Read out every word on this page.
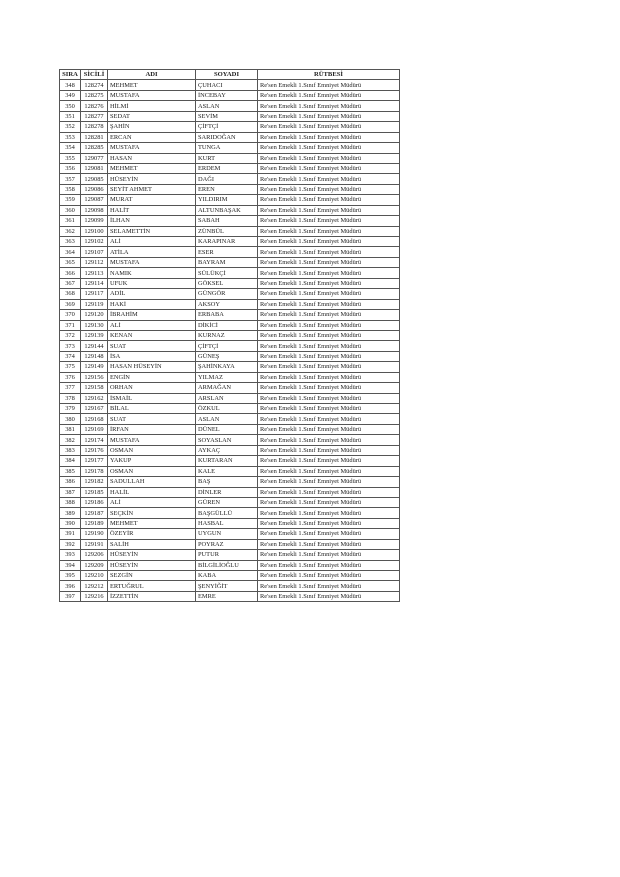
SIRA	SİCİLİ	ADI	SOYADI	RÜTBESİ
348	128274	MEHMET	ÇUHACI	Re'sen Emekli 1.Sınıf Emniyet Müdürü
349	128275	MUSTAFA	İNCEBAY	Re'sen Emekli 1.Sınıf Emniyet Müdürü
350	128276	HİLMİ	ASLAN	Re'sen Emekli 1.Sınıf Emniyet Müdürü
351	128277	SEDAT	SEVİM	Re'sen Emekli 1.Sınıf Emniyet Müdürü
352	128278	ŞAHİN	ÇİFTÇİ	Re'sen Emekli 1.Sınıf Emniyet Müdürü
353	128281	ERCAN	SARIDOĞAN	Re'sen Emekli 1.Sınıf Emniyet Müdürü
354	128285	MUSTAFA	TUNGA	Re'sen Emekli 1.Sınıf Emniyet Müdürü
355	129077	HASAN	KURT	Re'sen Emekli 1.Sınıf Emniyet Müdürü
356	129081	MEHMET	ERDEM	Re'sen Emekli 1.Sınıf Emniyet Müdürü
357	129085	HÜSEYİN	DAĞI	Re'sen Emekli 1.Sınıf Emniyet Müdürü
358	129086	SEYİT AHMET	EREN	Re'sen Emekli 1.Sınıf Emniyet Müdürü
359	129087	MURAT	YILDIRIM	Re'sen Emekli 1.Sınıf Emniyet Müdürü
360	129098	HALİT	ALTUNBAŞAK	Re'sen Emekli 1.Sınıf Emniyet Müdürü
361	129099	İLHAN	SABAH	Re'sen Emekli 1.Sınıf Emniyet Müdürü
362	129100	SELAMETTİN	ZÜNBÜL	Re'sen Emekli 1.Sınıf Emniyet Müdürü
363	129102	ALİ	KARAPINAR	Re'sen Emekli 1.Sınıf Emniyet Müdürü
364	129107	ATİLA	ESER	Re'sen Emekli 1.Sınıf Emniyet Müdürü
365	129112	MUSTAFA	BAYRAM	Re'sen Emekli 1.Sınıf Emniyet Müdürü
366	129113	NAMIK	SÜLÜKÇİ	Re'sen Emekli 1.Sınıf Emniyet Müdürü
367	129114	UFUK	GÖKSEL	Re'sen Emekli 1.Sınıf Emniyet Müdürü
368	129117	ADİL	GÜNGÖR	Re'sen Emekli 1.Sınıf Emniyet Müdürü
369	129119	HAKİ	AKSOY	Re'sen Emekli 1.Sınıf Emniyet Müdürü
370	129120	İBRAHİM	ERBABA	Re'sen Emekli 1.Sınıf Emniyet Müdürü
371	129130	ALİ	DİKİCİ	Re'sen Emekli 1.Sınıf Emniyet Müdürü
372	129139	KENAN	KURNAZ	Re'sen Emekli 1.Sınıf Emniyet Müdürü
373	129144	SUAT	ÇİFTÇİ	Re'sen Emekli 1.Sınıf Emniyet Müdürü
374	129148	İSA	GÜNEŞ	Re'sen Emekli 1.Sınıf Emniyet Müdürü
375	129149	HASAN HÜSEYİN	ŞAHİNKAYA	Re'sen Emekli 1.Sınıf Emniyet Müdürü
376	129156	ENGİN	YILMAZ	Re'sen Emekli 1.Sınıf Emniyet Müdürü
377	129158	ORHAN	ARMAĞAN	Re'sen Emekli 1.Sınıf Emniyet Müdürü
378	129162	İSMAİL	ARSLAN	Re'sen Emekli 1.Sınıf Emniyet Müdürü
379	129167	BİLAL	ÖZKUL	Re'sen Emekli 1.Sınıf Emniyet Müdürü
380	129168	SUAT	ASLAN	Re'sen Emekli 1.Sınıf Emniyet Müdürü
381	129169	İRFAN	DÜNEL	Re'sen Emekli 1.Sınıf Emniyet Müdürü
382	129174	MUSTAFA	SOYASLAN	Re'sen Emekli 1.Sınıf Emniyet Müdürü
383	129176	OSMAN	AYKAÇ	Re'sen Emekli 1.Sınıf Emniyet Müdürü
384	129177	YAKUP	KURTARAN	Re'sen Emekli 1.Sınıf Emniyet Müdürü
385	129178	OSMAN	KALE	Re'sen Emekli 1.Sınıf Emniyet Müdürü
386	129182	SADULLAH	BAŞ	Re'sen Emekli 1.Sınıf Emniyet Müdürü
387	129185	HALİL	DİNLER	Re'sen Emekli 1.Sınıf Emniyet Müdürü
388	129186	ALİ	GÜREN	Re'sen Emekli 1.Sınıf Emniyet Müdürü
389	129187	SEÇKİN	BAŞGÜLLÜ	Re'sen Emekli 1.Sınıf Emniyet Müdürü
390	129189	MEHMET	HASBAL	Re'sen Emekli 1.Sınıf Emniyet Müdürü
391	129190	ÖZEYİR	UYGUN	Re'sen Emekli 1.Sınıf Emniyet Müdürü
392	129191	SALİH	POYRAZ	Re'sen Emekli 1.Sınıf Emniyet Müdürü
393	129206	HÜSEYİN	PUTUR	Re'sen Emekli 1.Sınıf Emniyet Müdürü
394	129209	HÜSEYİN	BİLGİLİOĞLU	Re'sen Emekli 1.Sınıf Emniyet Müdürü
395	129210	SEZGİN	KABA	Re'sen Emekli 1.Sınıf Emniyet Müdürü
396	129212	ERTUĞRUL	ŞENYİĞİT	Re'sen Emekli 1.Sınıf Emniyet Müdürü
397	129216	İZZETTİN	EMRE	Re'sen Emekli 1.Sınıf Emniyet Müdürü
